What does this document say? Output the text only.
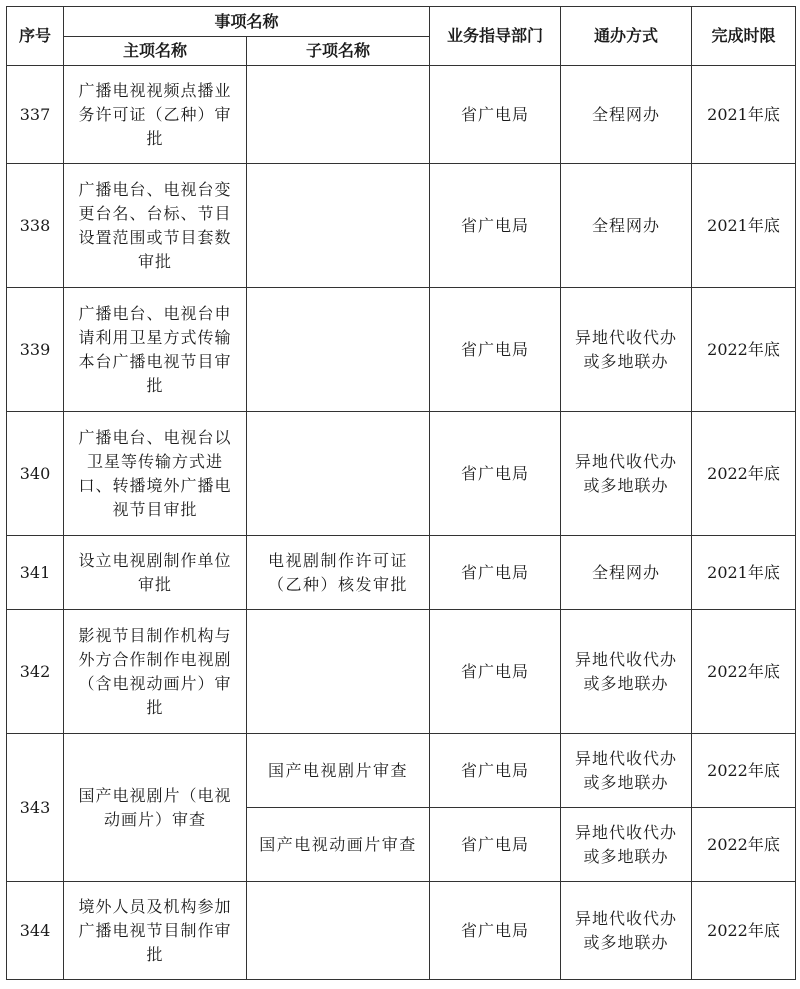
序号	事项名称		业务指导部门	通办方式	完成时限
	主项名称	子项名称			
337	广播电视视频点播业务许可证（乙种）审批		省广电局	全程网办	2021年底
338	广播电台、电视台变更台名、台标、节目设置范围或节目套数审批		省广电局	全程网办	2021年底
339	广播电台、电视台申请利用卫星方式传输本台广播电视节目审批		省广电局	异地代收代办或多地联办	2022年底
340	广播电台、电视台以卫星等传输方式进口、转播境外广播电视节目审批		省广电局	异地代收代办或多地联办	2022年底
341	设立电视剧制作单位审批	电视剧制作许可证（乙种）核发审批	省广电局	全程网办	2021年底
342	影视节目制作机构与外方合作制作电视剧（含电视动画片）审批		省广电局	异地代收代办或多地联办	2022年底
343	国产电视剧片（电视动画片）审查	国产电视剧片审查	省广电局	异地代收代办或多地联办	2022年底
		国产电视动画片审查	省广电局	异地代收代办或多地联办	2022年底
344	境外人员及机构参加广播电视节目制作审批		省广电局	异地代收代办或多地联办	2022年底
